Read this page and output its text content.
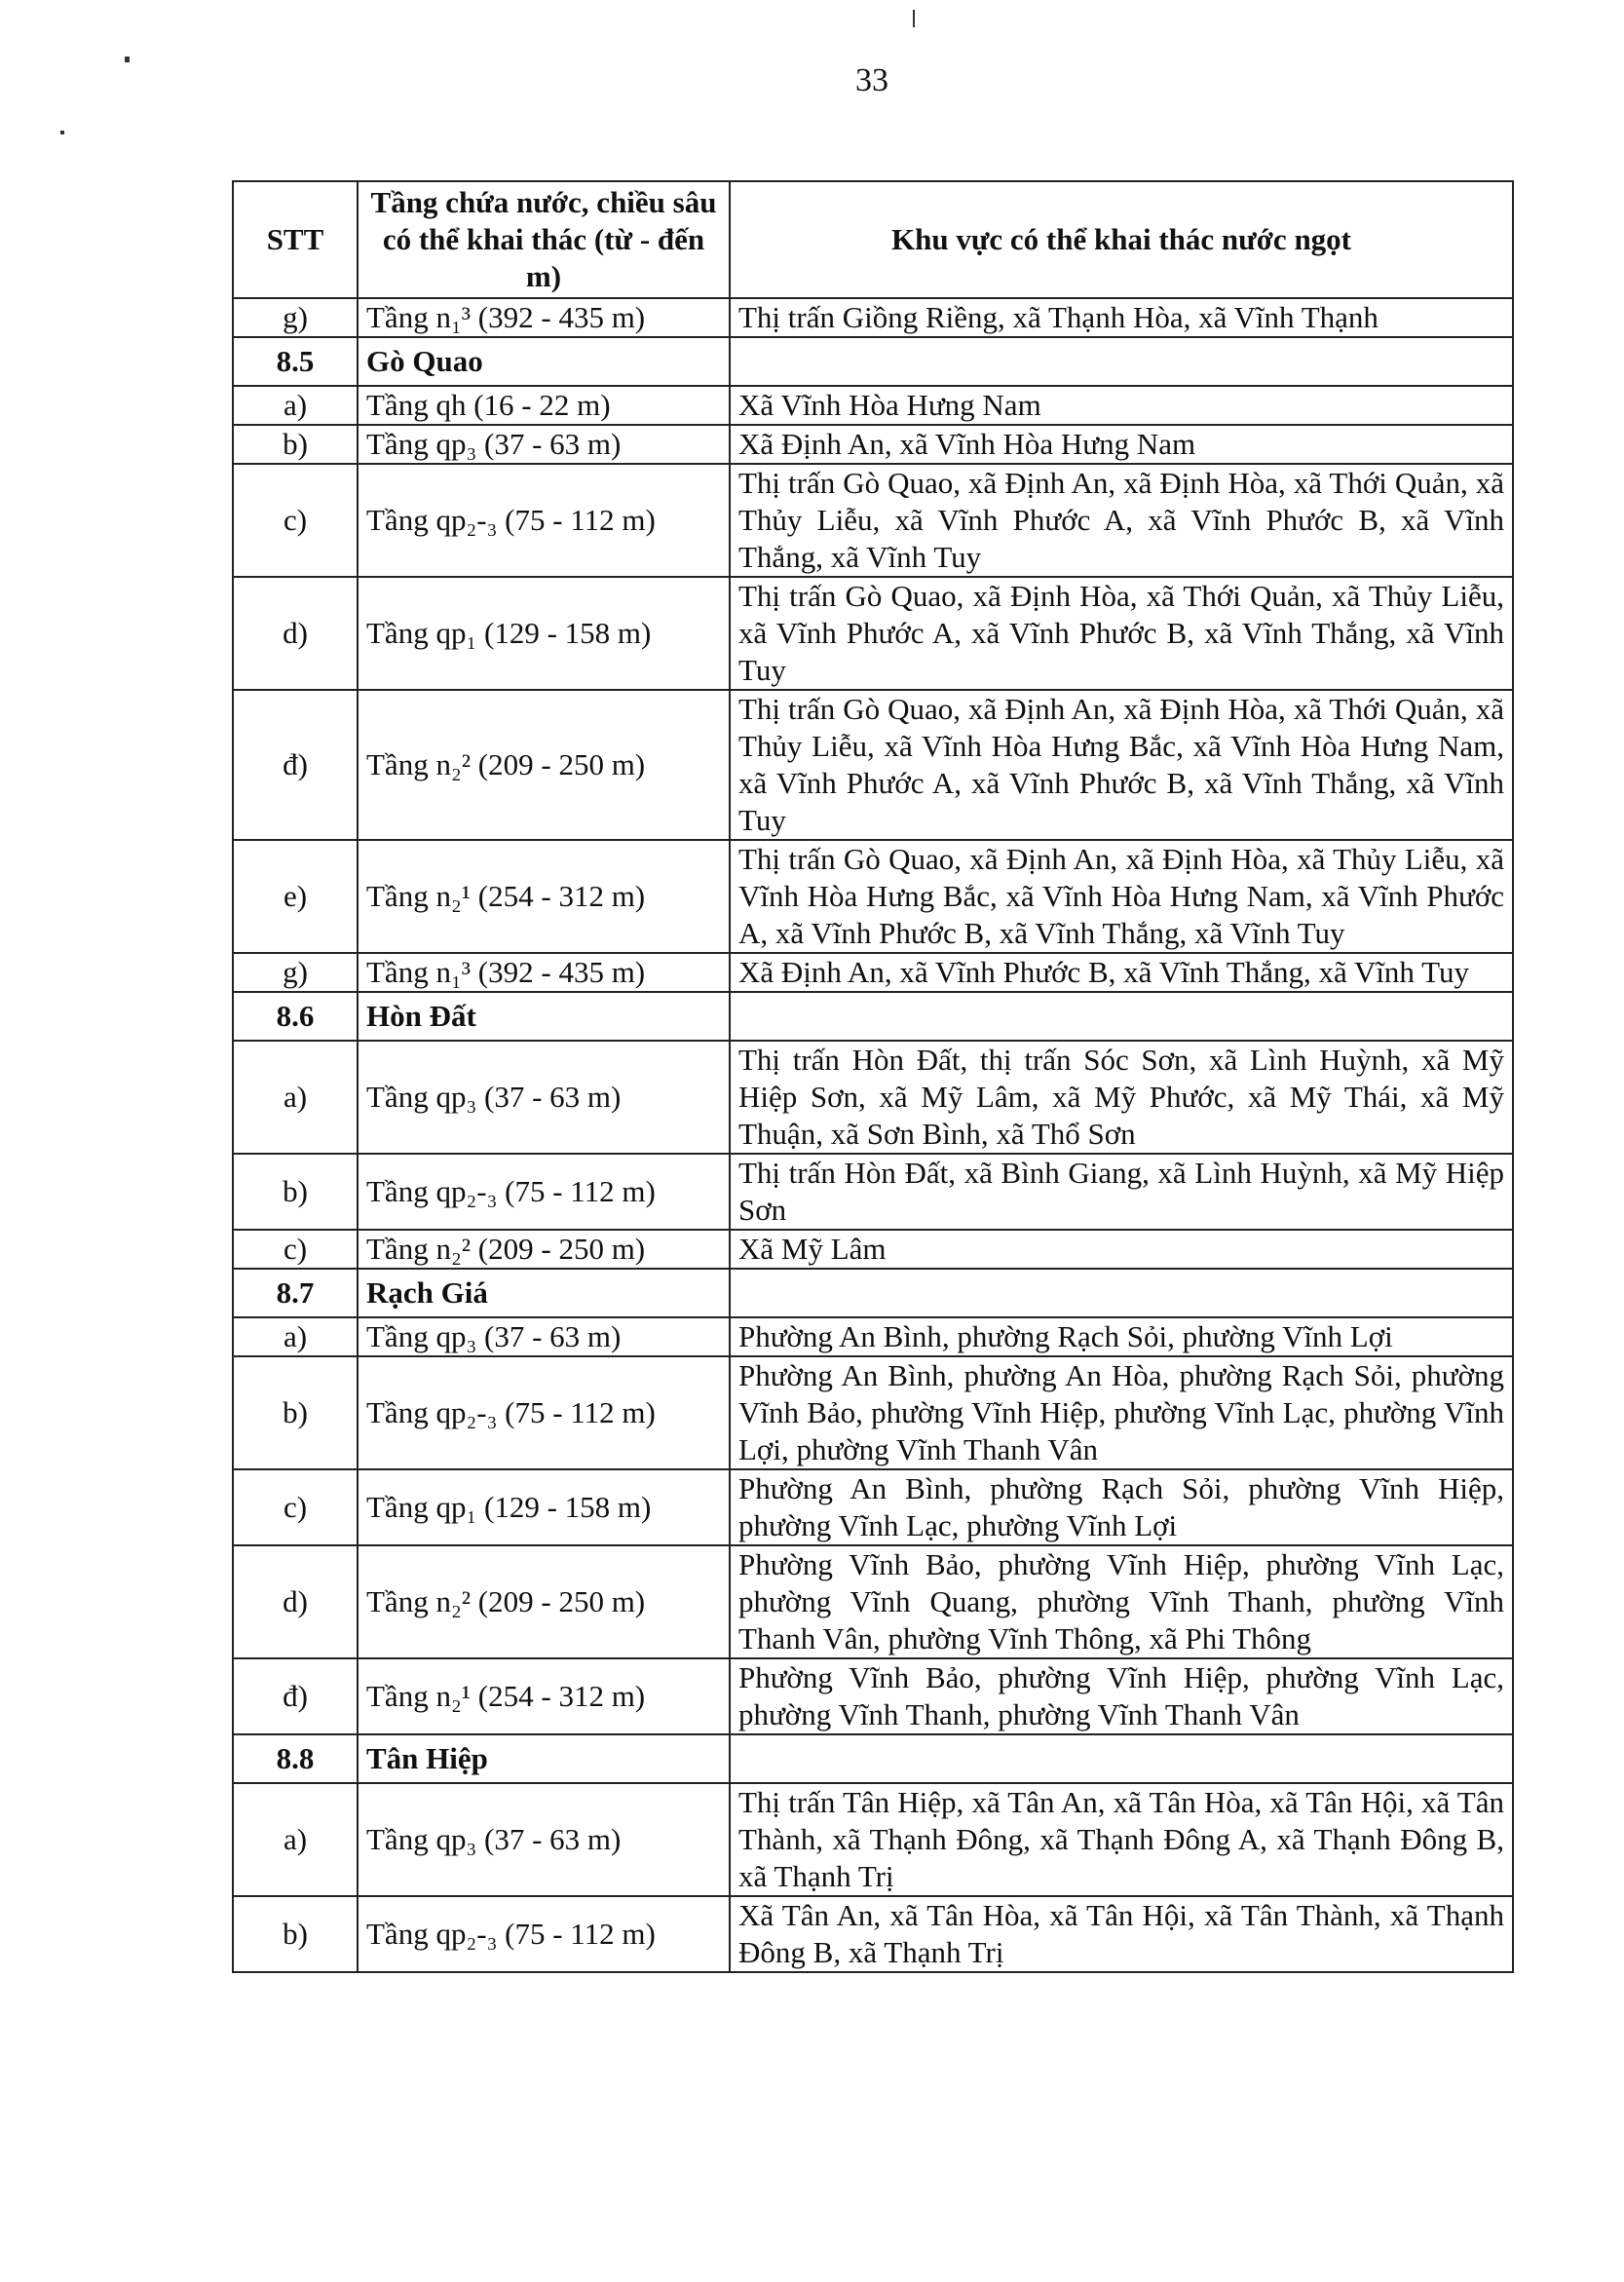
33
STT	Tầng chứa nước, chiều sâu có thể khai thác (từ - đến m)	Khu vực có thể khai thác nước ngọt
g)	Tầng n₁³ (392 - 435 m)	Thị trấn Giồng Riềng, xã Thạnh Hòa, xã Vĩnh Thạnh
8.5	Gò Quao	
a)	Tầng qh (16 - 22 m)	Xã Vĩnh Hòa Hưng Nam
b)	Tầng qp₃ (37 - 63 m)	Xã Định An, xã Vĩnh Hòa Hưng Nam
c)	Tầng qp₂-₃ (75 - 112 m)	Thị trấn Gò Quao, xã Định An, xã Định Hòa, xã Thới Quản, xã Thủy Liễu, xã Vĩnh Phước A, xã Vĩnh Phước B, xã Vĩnh Thắng, xã Vĩnh Tuy
d)	Tầng qp₁ (129 - 158 m)	Thị trấn Gò Quao, xã Định Hòa, xã Thới Quản, xã Thủy Liễu, xã Vĩnh Phước A, xã Vĩnh Phước B, xã Vĩnh Thắng, xã Vĩnh Tuy
đ)	Tầng n₂² (209 - 250 m)	Thị trấn Gò Quao, xã Định An, xã Định Hòa, xã Thới Quản, xã Thủy Liễu, xã Vĩnh Hòa Hưng Bắc, xã Vĩnh Hòa Hưng Nam, xã Vĩnh Phước A, xã Vĩnh Phước B, xã Vĩnh Thắng, xã Vĩnh Tuy
e)	Tầng n₂¹ (254 - 312 m)	Thị trấn Gò Quao, xã Định An, xã Định Hòa, xã Thủy Liễu, xã Vĩnh Hòa Hưng Bắc, xã Vĩnh Hòa Hưng Nam, xã Vĩnh Phước A, xã Vĩnh Phước B, xã Vĩnh Thắng, xã Vĩnh Tuy
g)	Tầng n₁³ (392 - 435 m)	Xã Định An, xã Vĩnh Phước B, xã Vĩnh Thắng, xã Vĩnh Tuy
8.6	Hòn Đất	
a)	Tầng qp₃ (37 - 63 m)	Thị trấn Hòn Đất, thị trấn Sóc Sơn, xã Lình Huỳnh, xã Mỹ Hiệp Sơn, xã Mỹ Lâm, xã Mỹ Phước, xã Mỹ Thái, xã Mỹ Thuận, xã Sơn Bình, xã Thổ Sơn
b)	Tầng qp₂-₃ (75 - 112 m)	Thị trấn Hòn Đất, xã Bình Giang, xã Lình Huỳnh, xã Mỹ Hiệp Sơn
c)	Tầng n₂² (209 - 250 m)	Xã Mỹ Lâm
8.7	Rạch Giá	
a)	Tầng qp₃ (37 - 63 m)	Phường An Bình, phường Rạch Sỏi, phường Vĩnh Lợi
b)	Tầng qp₂-₃ (75 - 112 m)	Phường An Bình, phường An Hòa, phường Rạch Sỏi, phường Vĩnh Bảo, phường Vĩnh Hiệp, phường Vĩnh Lạc, phường Vĩnh Lợi, phường Vĩnh Thanh Vân
c)	Tầng qp₁ (129 - 158 m)	Phường An Bình, phường Rạch Sỏi, phường Vĩnh Hiệp, phường Vĩnh Lạc, phường Vĩnh Lợi
d)	Tầng n₂² (209 - 250 m)	Phường Vĩnh Bảo, phường Vĩnh Hiệp, phường Vĩnh Lạc, phường Vĩnh Quang, phường Vĩnh Thanh, phường Vĩnh Thanh Vân, phường Vĩnh Thông, xã Phi Thông
đ)	Tầng n₂¹ (254 - 312 m)	Phường Vĩnh Bảo, phường Vĩnh Hiệp, phường Vĩnh Lạc, phường Vĩnh Thanh, phường Vĩnh Thanh Vân
8.8	Tân Hiệp	
a)	Tầng qp₃ (37 - 63 m)	Thị trấn Tân Hiệp, xã Tân An, xã Tân Hòa, xã Tân Hội, xã Tân Thành, xã Thạnh Đông, xã Thạnh Đông A, xã Thạnh Đông B, xã Thạnh Trị
b)	Tầng qp₂-₃ (75 - 112 m)	Xã Tân An, xã Tân Hòa, xã Tân Hội, xã Tân Thành, xã Thạnh Đông B, xã Thạnh Trị
